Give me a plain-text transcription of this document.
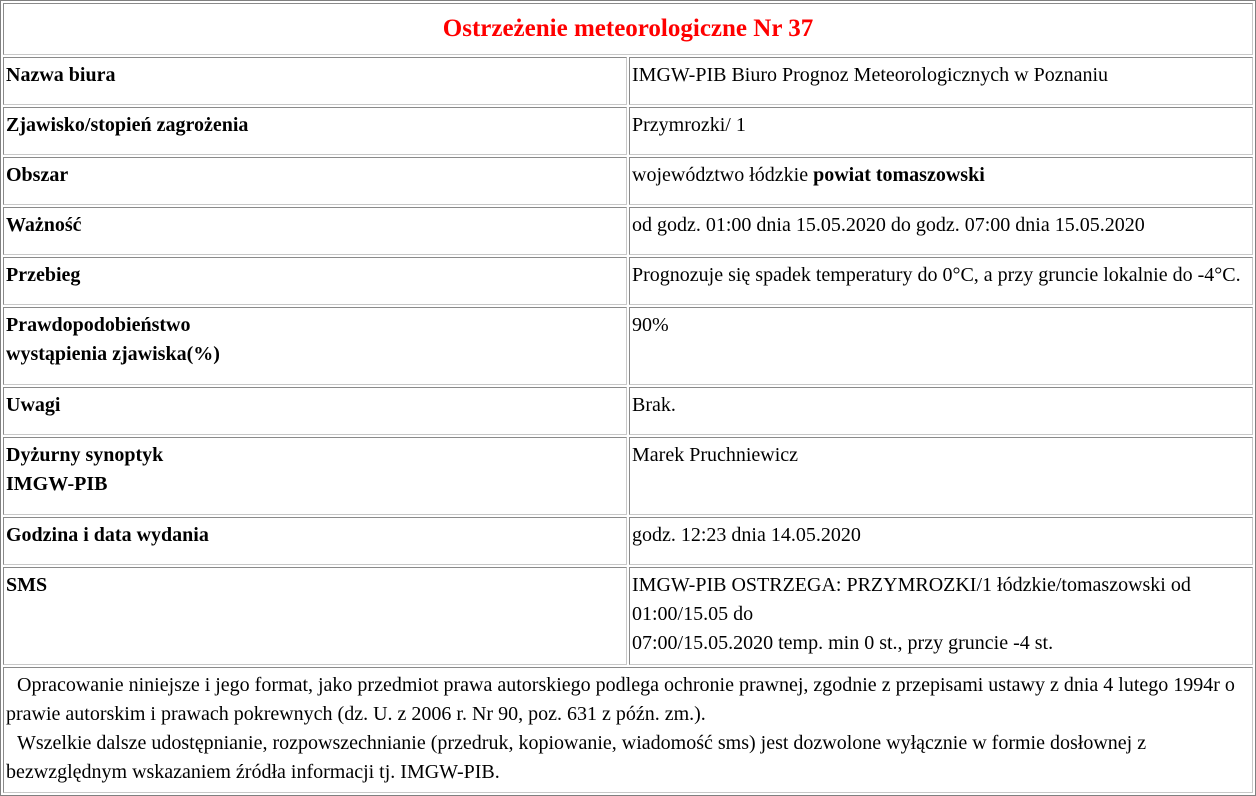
Ostrzeżenie meteorologiczne Nr 37	
Nazwa biura	IMGW-PIB Biuro Prognoz Meteorologicznych w Poznaniu
Zjawisko/stopień zagrożenia	Przymrozki/ 1
Obszar	województwo łódzkie powiat tomaszowski
Ważność	od godz. 01:00 dnia 15.05.2020 do godz. 07:00 dnia 15.05.2020
Przebieg	Prognozuje się spadek temperatury do 0°C, a przy gruncie lokalnie do -4°C.
Prawdopodobieństwo
wystąpienia zjawiska(%)	90%
Uwagi	Brak.
Dyżurny synoptyk
IMGW-PIB	Marek Pruchniewicz
Godzina i data wydania	godz. 12:23 dnia 14.05.2020
SMS	IMGW-PIB OSTRZEGA: PRZYMROZKI/1 łódzkie/tomaszowski od 01:00/15.05 do
07:00/15.05.2020 temp. min 0 st., przy gruncie -4 st.

Opracowanie niniejsze i jego format, jako przedmiot prawa autorskiego podlega ochronie prawnej, zgodnie z przepisami ustawy z dnia 4 lutego 1994r o prawie autorskim i prawach pokrewnych (dz. U. z 2006 r. Nr 90, poz. 631 z późn. zm.).
Wszelkie dalsze udostępnianie, rozpowszechnianie (przedruk, kopiowanie, wiadomość sms) jest dozwolone wyłącznie w formie dosłownej z bezwzględnym wskazaniem źródła informacji tj. IMGW-PIB.	
